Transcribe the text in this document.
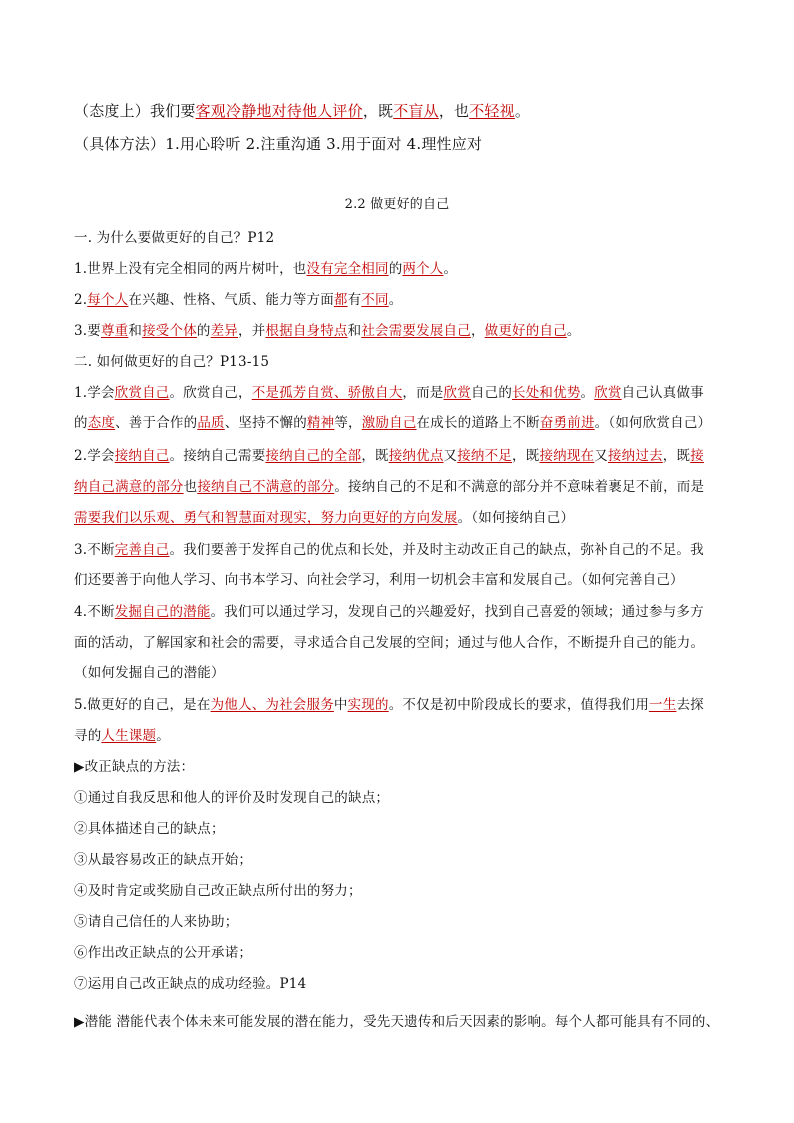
（态度上）我们要客观冷静地对待他人评价，既不盲从，也不轻视。
（具体方法）1.用心聆听 2.注重沟通 3.用于面对 4.理性应对
2.2 做更好的自己
一. 为什么要做更好的自己？P12
1.世界上没有完全相同的两片树叶，也没有完全相同的两个人。
2.每个人在兴趣、性格、气质、能力等方面都有不同。
3.要尊重和接受个体的差异，并根据自身特点和社会需要发展自己，做更好的自己。
二. 如何做更好的自己？P13-15
1.学会欣赏自己。欣赏自己，不是孤芳自赏、骄傲自大，而是欣赏自己的长处和优势。欣赏自己认真做事
的态度、善于合作的品质、坚持不懈的精神等，激励自己在成长的道路上不断奋勇前进。（如何欣赏自己）
2.学会接纳自己。接纳自己需要接纳自己的全部，既接纳优点又接纳不足，既接纳现在又接纳过去，既接
纳自己满意的部分也接纳自己不满意的部分。接纳自己的不足和不满意的部分并不意味着裹足不前，而是
需要我们以乐观、勇气和智慧面对现实，努力向更好的方向发展。（如何接纳自己）
3.不断完善自己。我们要善于发挥自己的优点和长处，并及时主动改正自己的缺点，弥补自己的不足。我
们还要善于向他人学习、向书本学习、向社会学习，利用一切机会丰富和发展自己。（如何完善自己）
4.不断发掘自己的潜能。我们可以通过学习，发现自己的兴趣爱好，找到自己喜爱的领域；通过参与多方
面的活动，了解国家和社会的需要，寻求适合自己发展的空间；通过与他人合作，不断提升自己的能力。
（如何发掘自己的潜能）
5.做更好的自己，是在为他人、为社会服务中实现的。不仅是初中阶段成长的要求，值得我们用一生去探
寻的人生课题。
▶改正缺点的方法：
①通过自我反思和他人的评价及时发现自己的缺点；
②具体描述自己的缺点；
③从最容易改正的缺点开始；
④及时肯定或奖励自己改正缺点所付出的努力；
⑤请自己信任的人来协助；
⑥作出改正缺点的公开承诺；
⑦运用自己改正缺点的成功经验。P14
▶潜能 潜能代表个体未来可能发展的潜在能力，受先天遗传和后天因素的影响。每个人都可能具有不同的、
